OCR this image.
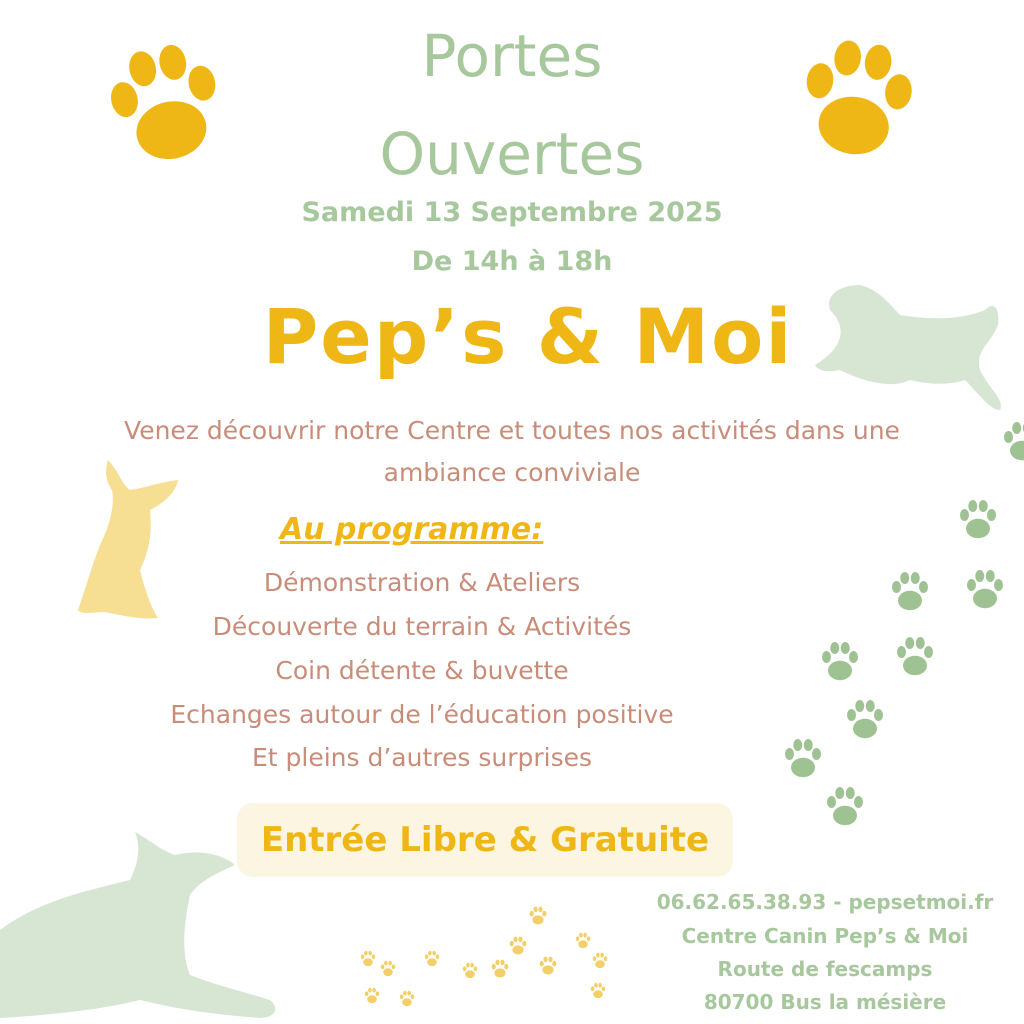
Portes

Ouvertes

Samedi 13 Septembre 2025

De 14h à 18h

Pep’s & Moi

Venez découvrir notre Centre et toutes nos activités dans une

ambiance conviviale

Au programme:

Démonstration & Ateliers

Découverte du terrain & Activités

Coin détente & buvette

Echanges autour de l’éducation positive

Et pleins d’autres surprises

Entrée Libre & Gratuite

06.62.65.38.93 - pepsetmoi.fr

Centre Canin Pep’s & Moi

Route de fescamps

80700 Bus la mésière
